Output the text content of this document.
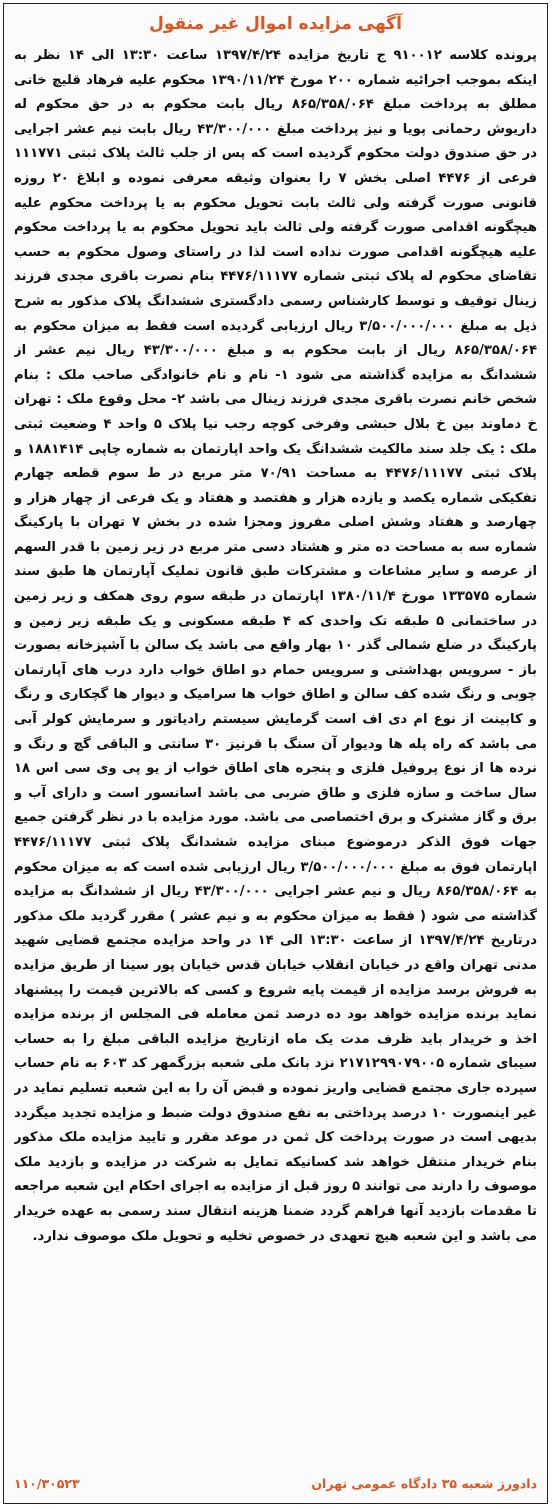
آگهی مزایده اموال غیر منقول
پرونده کلاسه ۹۱۰۰۱۲ ج تاریخ مزایده ۱۳۹۷/۴/۲۴ ساعت ۱۳:۳۰ الی ۱۴ نظر به اینکه بموجب اجرائیه شماره ۲۰۰ مورخ ۱۳۹۰/۱۱/۲۴ محکوم علیه فرهاد قلیچ خانی مطلق به پرداخت مبلغ ۸۶۵/۳۵۸/۰۶۴ ریال بابت محکوم به در حق محکوم له داریوش رحمانی پویا و نیز پرداخت مبلغ ۴۳/۳۰۰/۰۰۰ ریال بابت نیم عشر اجرایی در حق صندوق دولت محکوم گردیده است که پس از جلب ثالث پلاک ثبتی ۱۱۱۷۷۱ فرعی از ۴۴۷۶ اصلی بخش ۷ را بعنوان وثیقه معرفی نموده و ابلاغ ۲۰ روزه قانونی صورت گرفته ولی ثالث بابت تحویل محکوم به یا پرداخت محکوم علیه هیچگونه اقدامی صورت گرفته ولی ثالث باید تحویل محکوم به یا پرداخت محکوم علیه هیچگونه اقدامی صورت نداده است لذا در راستای وصول محکوم به حسب تقاضای محکوم له پلاک ثبتی شماره ۴۴۷۶/۱۱۱۷۷ بنام نصرت باقری مجدی فرزند زینال توقیف و توسط کارشناس رسمی دادگستری ششدانگ پلاک مذکور به شرح ذیل به مبلغ ۳/۵۰۰/۰۰۰/۰۰۰ ریال ارزیابی گردیده است فقط به میزان محکوم به ۸۶۵/۳۵۸/۰۶۴ ریال از بابت محکوم به و مبلغ ۴۳/۳۰۰/۰۰۰ ریال نیم عشر از ششدانگ به مزایده گذاشته می شود ۱- نام و نام خانوادگی صاحب ملک : بنام شخص خانم نصرت باقری مجدی فرزند زینال می باشد ۲- محل وقوع ملک : تهران خ دماوند بین خ بلال حبشی وفرخی کوچه رجب نیا پلاک ۵ واحد ۴ وضعیت ثبتی ملک : یک جلد سند مالکیت ششدانگ یک واحد اپارتمان به شماره چاپی ۱۸۸۱۴۱۴ و پلاک ثبتی ۴۴۷۶/۱۱۱۷۷ به مساحت ۷۰/۹۱ متر مربع در ط سوم قطعه چهارم تفکیکی شماره یکصد و یازده هزار و هفتصد و هفتاد و یک فرعی از چهار هزار و چهارصد و هفتاد وشش اصلی مفروز ومجزا شده در بخش ۷ تهران با پارکینگ شماره سه به مساحت ده متر و هشتاد دسی متر مربع در زیر زمین با قدر السهم از عرصه و سایر مشاعات و مشترکات طبق قانون تملیک آپارتمان ها طبق سند شماره ۱۳۳۵۷۵ مورخ ۱۳۸۰/۱۱/۴ اپارتمان در طبقه سوم روی همکف و زیر زمین در ساختمانی ۵ طبقه تک واحدی که ۴ طبقه مسکونی و یک طبقه زیر زمین و پارکینگ در ضلع شمالی گذر ۱۰ بهار واقع می باشد یک سالن با آشپزخانه بصورت باز - سرویس بهداشتی و سرویس حمام دو اطاق خواب دارد درب های آپارتمان چوبی و رنگ شده کف سالن و اطاق خواب ها سرامیک و دیوار ها گچکاری و رنگ و کابینت از نوع ام دی اف است گرمایش سیستم رادیاتور و سرمایش کولر آبی می باشد که راه پله ها ودیوار آن سنگ با قرنیز ۳۰ سانتی و الباقی گچ و رنگ و نرده ها از نوع پروفیل فلزی و پنجره های اطاق خواب از یو پی وی سی اس ۱۸ سال ساخت و سازه فلزی و طاق ضربی می باشد اسانسور است و دارای آب و برق و گاز مشترک و برق اختصاصی می باشد. مورد مزایده با در نظر گرفتن جمیع جهات فوق الذکر درموضوع مبنای مزایده ششدانگ پلاک ثبتی ۴۴۷۶/۱۱۱۷۷ اپارتمان فوق به مبلغ ۳/۵۰۰/۰۰۰/۰۰۰ ریال ارزیابی شده است که به میزان محکوم به ۸۶۵/۳۵۸/۰۶۴ ریال و نیم عشر اجرایی ۴۳/۳۰۰/۰۰۰ ریال از ششدانگ به مزایده گذاشته می شود ( فقط به میزان محکوم به و نیم عشر ) مقرر گردید ملک مذکور درتاریخ ۱۳۹۷/۴/۲۴ از ساعت ۱۳:۳۰ الی ۱۴ در واحد مزایده مجتمع قضایی شهید مدنی تهران واقع در خیابان انقلاب خیابان قدس خیابان پور سینا از طریق مزایده به فروش برسد مزایده از قیمت پایه شروع و کسی که بالاترین قیمت را پیشنهاد نماید برنده مزایده خواهد بود ده درصد ثمن معامله فی المجلس از برنده مزایده اخذ و خریدار باید ظرف مدت یک ماه ازتاریخ مزایده الباقی مبلغ را به حساب سیبای شماره ۲۱۷۱۲۹۹۰۷۹۰۰۵ نزد بانک ملی شعبه بزرگمهر کد ۶۰۳ به نام حساب سپرده جاری مجتمع قضایی واریز نموده و قبض آن را به این شعبه تسلیم نماید در غیر اینصورت ۱۰ درصد پرداختی به نفع صندوق دولت ضبط و مزایده تجدید میگردد بدیهی است در صورت پرداخت کل ثمن در موعد مقرر و تایید مزایده ملک مذکور بنام خریدار منتقل خواهد شد کسانیکه تمایل به شرکت در مزایده و بازدید ملک موصوف را دارند می توانند ۵ روز قبل از مزایده به اجرای احکام این شعبه مراجعه تا مقدمات بازدید آنها فراهم گردد ضمنا هزینه انتقال سند رسمی به عهده خریدار می باشد و این شعبه هیچ تعهدی در خصوص تخلیه و تحویل ملک موصوف ندارد.
دادورز شعبه ۳۵ دادگاه عمومی تهران
۱۱۰/۳۰۵۲۳
